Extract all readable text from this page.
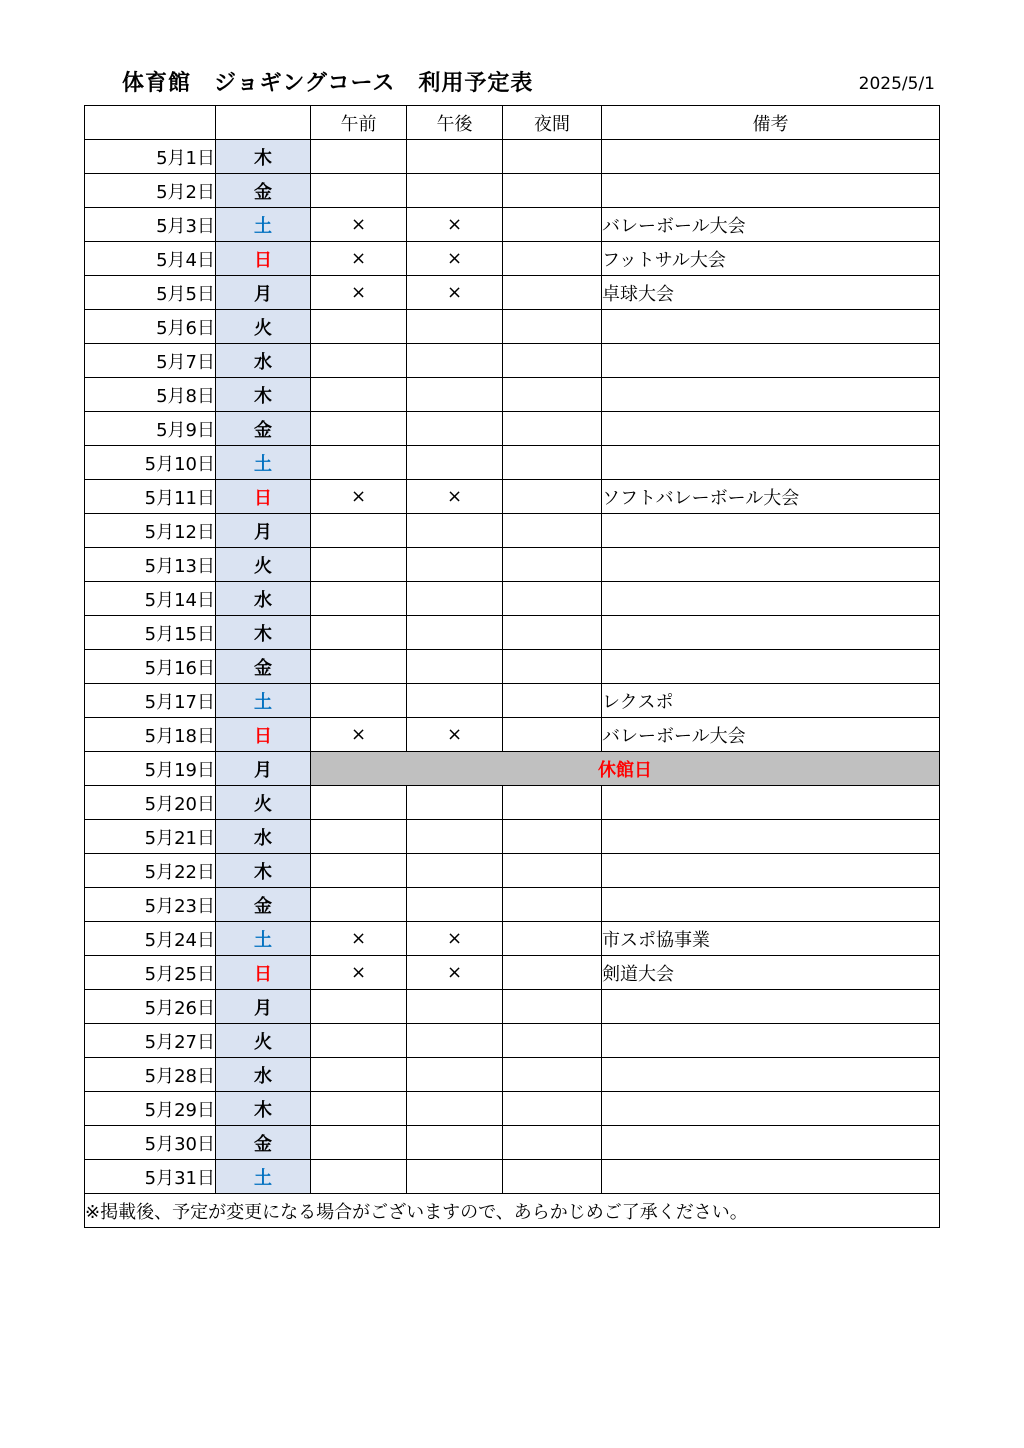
体育館　ジョギングコース　利用予定表	2025/5/1
		午前	午後	夜間	備考
5月1日	木				
5月2日	金				
5月3日	土	×	×		バレーボール大会
5月4日	日	×	×		フットサル大会
5月5日	月	×	×		卓球大会
5月6日	火				
5月7日	水				
5月8日	木				
5月9日	金				
5月10日	土				
5月11日	日	×	×		ソフトバレーボール大会
5月12日	月				
5月13日	火				
5月14日	水				
5月15日	木				
5月16日	金				
5月17日	土				レクスポ
5月18日	日	×	×		バレーボール大会
5月19日	月	休館日			
5月20日	火				
5月21日	水				
5月22日	木				
5月23日	金				
5月24日	土	×	×		市スポ協事業
5月25日	日	×	×		剣道大会
5月26日	月				
5月27日	火				
5月28日	水				
5月29日	木				
5月30日	金				
5月31日	土				
※掲載後、予定が変更になる場合がございますので、あらかじめご了承ください。					
